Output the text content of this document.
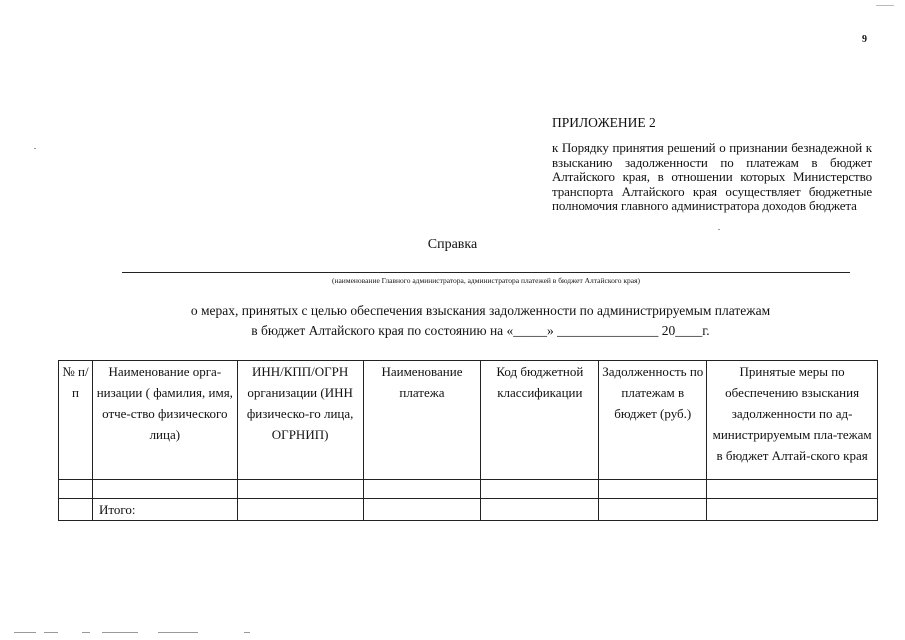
9
ПРИЛОЖЕНИЕ 2
к Порядку принятия решений о признании безнадежной к взысканию задолженности по платежам в бюджет Алтайского края, в отношении которых Министерство транспорта Алтайского края осуществляет бюджетные полномочия главного администратора доходов бюджета
Справка
(наименование Главного администратора, администратора платежей в бюджет Алтайского края)
о мерах, принятых с целью обеспечения взыскания задолженности по администрируемым платежам
в бюджет Алтайского края по состоянию на «_____» _______________ 20____г.
№ п/п	Наименование орга-низации ( фамилия, имя, отче-ство физического лица)	ИНН/КПП/ОГРН организации (ИНН физическо-го лица, ОГРНИП)	Наименование платежа	Код бюджетной классификации	Задолженность по платежам в бюджет (руб.)	Принятые меры по обеспечению взыскания задолженности по ад-министрируемым пла-тежам в бюджет Алтай-ского края

	Итого:					
